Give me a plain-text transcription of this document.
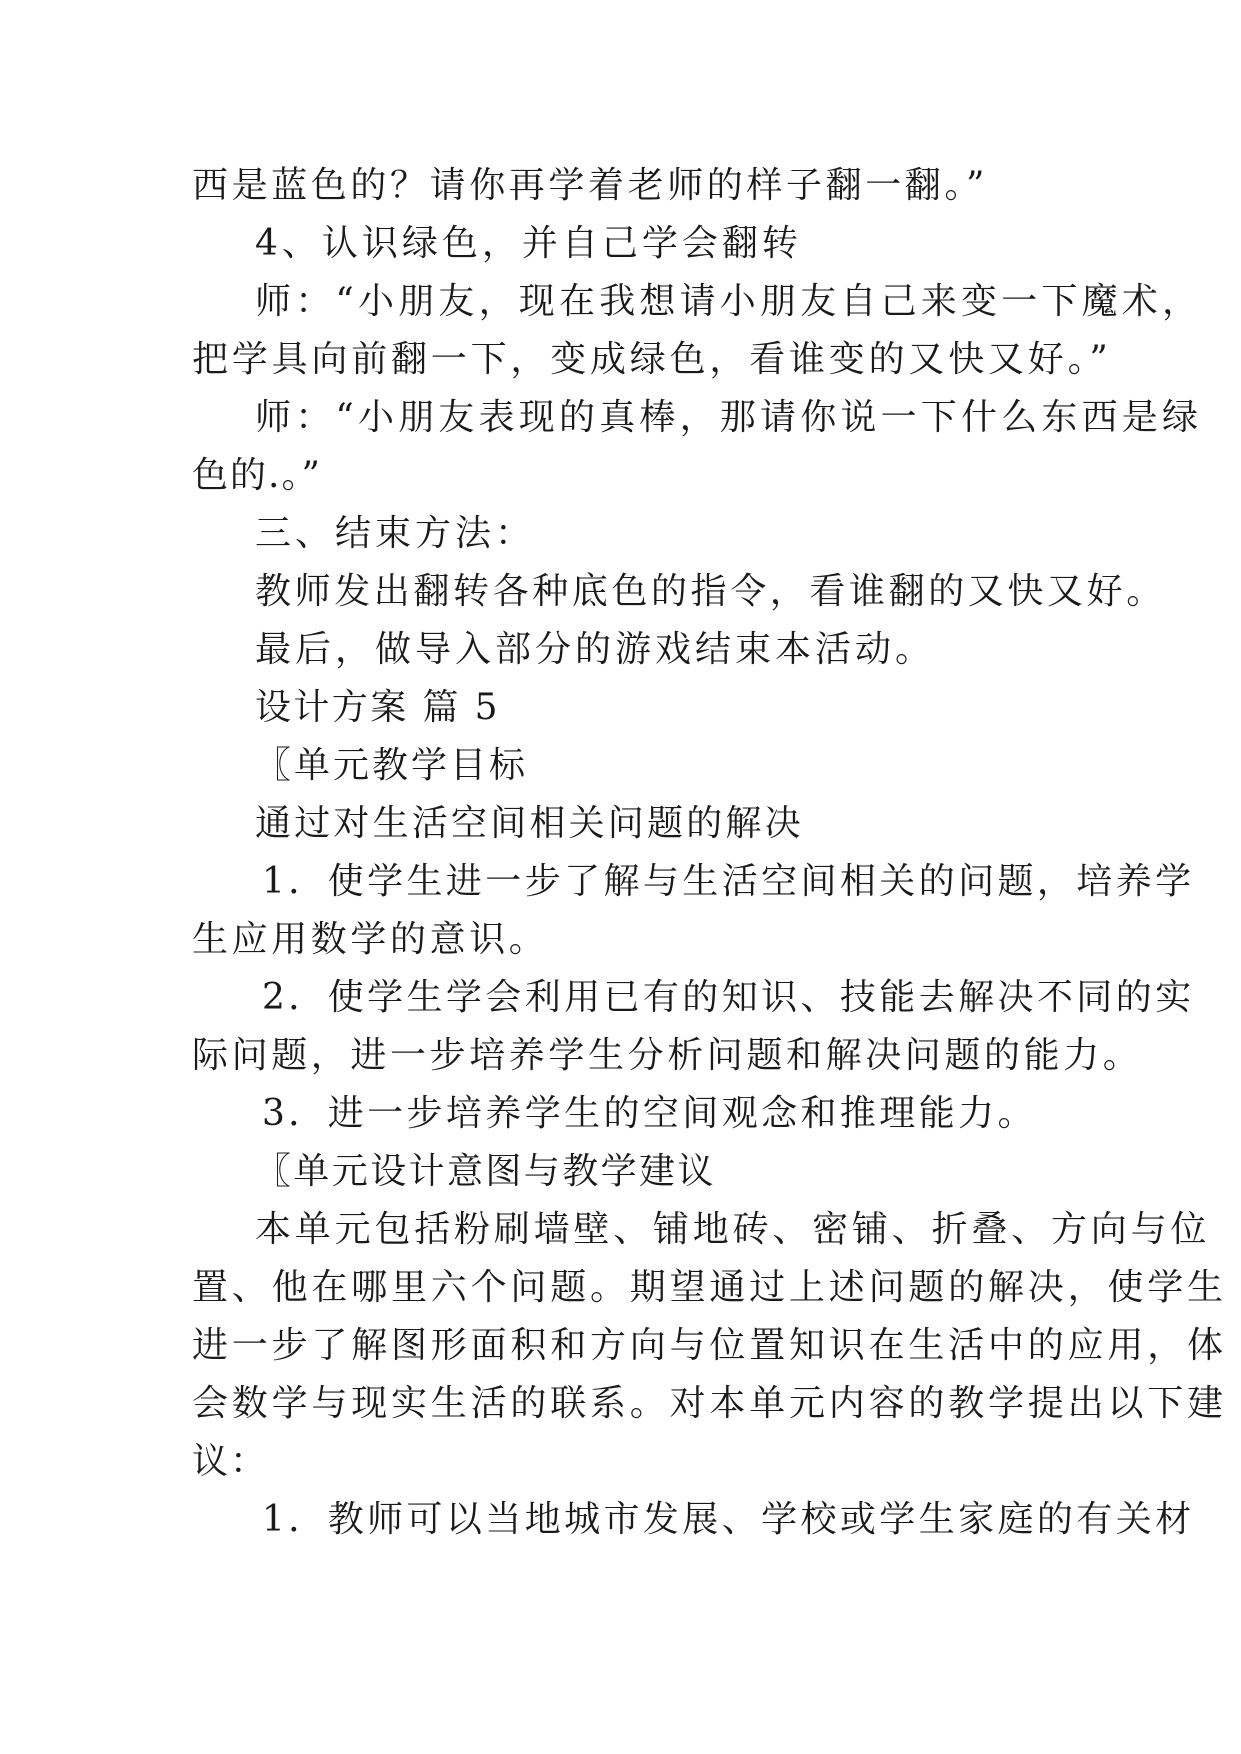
西是蓝色的？请你再学着老师的样子翻一翻。”
4、认识绿色，并自己学会翻转
师：“小朋友，现在我想请小朋友自己来变一下魔术，
把学具向前翻一下，变成绿色，看谁变的又快又好。”
师：“小朋友表现的真棒，那请你说一下什么东西是绿
色的.。”
三、结束方法：
教师发出翻转各种底色的指令，看谁翻的又快又好。
最后，做导入部分的游戏结束本活动。
设计方案 篇 5
〖单元教学目标
通过对生活空间相关问题的解决
1．使学生进一步了解与生活空间相关的问题，培养学
生应用数学的意识。
2．使学生学会利用已有的知识、技能去解决不同的实
际问题，进一步培养学生分析问题和解决问题的能力。
3．进一步培养学生的空间观念和推理能力。
〖单元设计意图与教学建议
本单元包括粉刷墙壁、铺地砖、密铺、折叠、方向与位
置、他在哪里六个问题。期望通过上述问题的解决，使学生
进一步了解图形面积和方向与位置知识在生活中的应用，体
会数学与现实生活的联系。对本单元内容的教学提出以下建
议：
1．教师可以当地城市发展、学校或学生家庭的有关材
